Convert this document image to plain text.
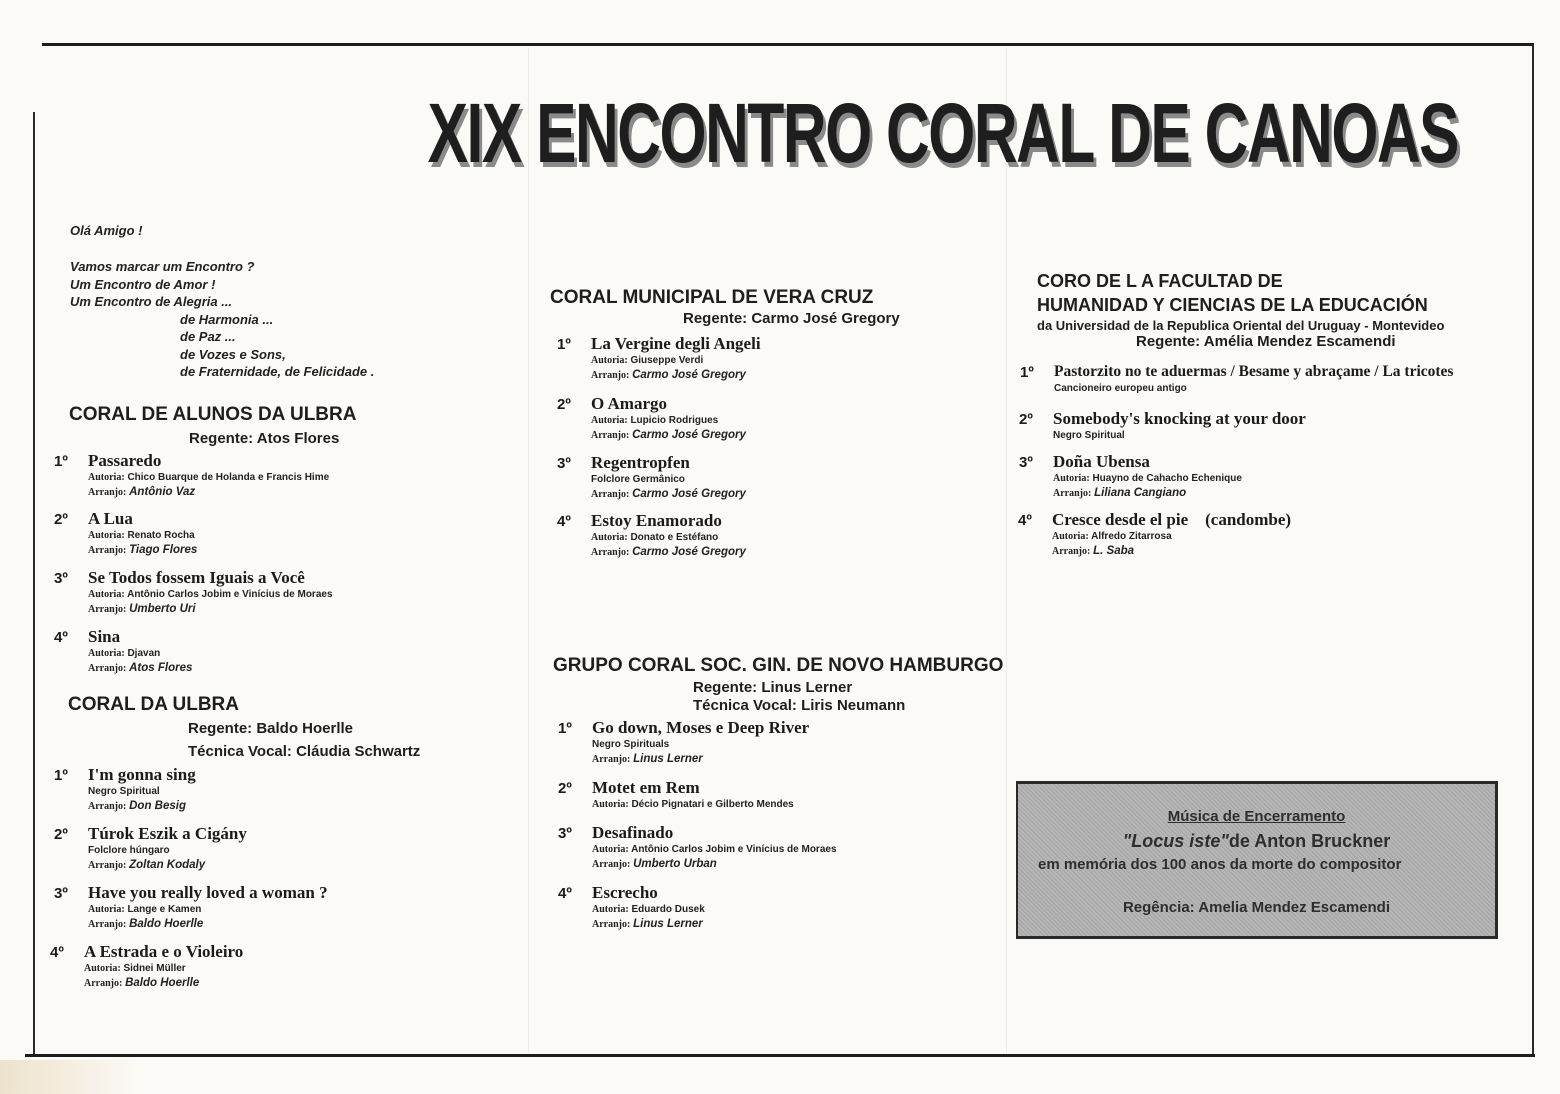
XIX ENCONTRO CORAL DE CANOAS
Olá Amigo !
Vamos marcar um Encontro ?
Um Encontro de Amor !
Um Encontro de Alegria ...
de Harmonia ...
de Paz ...
de Vozes e Sons,
de Fraternidade, de Felicidade .
CORAL DE ALUNOS DA ULBRA
Regente: Atos Flores
1º Passaredo
Autoria: Chico Buarque de Holanda e Francis Hime
Arranjo: Antônio Vaz
2º A Lua
Autoria: Renato Rocha
Arranjo: Tiago Flores
3º Se Todos fossem Iguais a Você
Autoria: Antônio Carlos Jobim e Vinícius de Moraes
Arranjo: Umberto Uri
4º Sina
Autoria: Djavan
Arranjo: Atos Flores
CORAL DA ULBRA
Regente: Baldo Hoerlle
Técnica Vocal: Cláudia Schwartz
1º I'm gonna sing
Negro Spiritual
Arranjo: Don Besig
2º Túrok Eszik a Cigány
Folclore húngaro
Arranjo: Zoltan Kodaly
3º Have you really loved a woman ?
Autoria: Lange e Kamen
Arranjo: Baldo Hoerlle
4º A Estrada e o Violeiro
Autoria: Sidnei Müller
Arranjo: Baldo Hoerlle
CORAL MUNICIPAL DE VERA CRUZ
Regente: Carmo José Gregory
1º La Vergine degli Angeli
Autoria: Giuseppe Verdi
Arranjo: Carmo José Gregory
2º O Amargo
Autoria: Lupicio Rodrigues
Arranjo: Carmo José Gregory
3º Regentropfen
Folclore Germânico
Arranjo: Carmo José Gregory
4º Estoy Enamorado
Autoria: Donato e Estéfano
Arranjo: Carmo José Gregory
GRUPO CORAL SOC. GIN. DE NOVO HAMBURGO
Regente: Linus Lerner
Técnica Vocal: Liris Neumann
1º Go down, Moses e Deep River
Negro Spirituals
Arranjo: Linus Lerner
2º Motet em Rem
Autoria: Décio Pignatari e Gilberto Mendes
3º Desafinado
Autoria: Antônio Carlos Jobim e Vinícius de Moraes
Arranjo: Umberto Urban
4º Escrecho
Autoria: Eduardo Dusek
Arranjo: Linus Lerner
CORO DE L A FACULTAD DE
HUMANIDAD Y CIENCIAS DE LA EDUCACIÓN
da Universidad de la Republica Oriental del Uruguay - Montevideo
Regente: Amélia Mendez Escamendi
1º Pastorzito no te aduermas / Besame y abraçame / La tricotes
Cancioneiro europeu antigo
2º Somebody's knocking at your door
Negro Spiritual
3º Doña Ubensa
Autoria: Huayno de Cahacho Echenique
Arranjo: Liliana Cangiano
4º Cresce desde el pie    (candombe)
Autoria: Alfredo Zitarrosa
Arranjo: L. Saba
Música de Encerramento
"Locus iste"de Anton Bruckner
em memória dos 100 anos da morte do compositor
Regência: Amelia Mendez Escamendi
